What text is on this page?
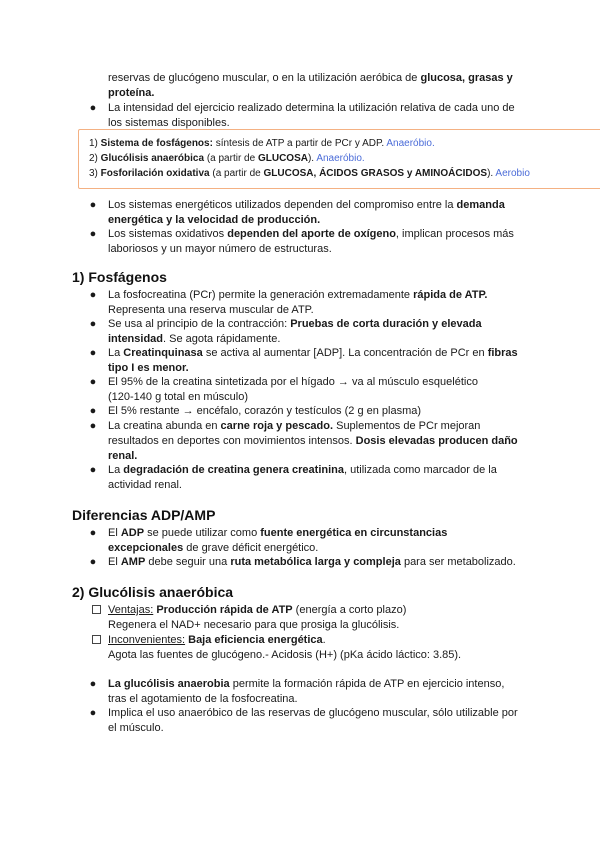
reservas de glucógeno muscular, o en la utilización aeróbica de glucosa, grasas y

proteína.

● La intensidad del ejercicio realizado determina la utilización relativa de cada uno de

los sistemas disponibles.

1) Sistema de fosfágenos: síntesis de ATP a partir de PCr y ADP. Anaeróbio.

2) Glucólisis anaeróbica (a partir de GLUCOSA). Anaeróbio.

3) Fosforilación oxidativa (a partir de GLUCOSA, ÁCIDOS GRASOS y AMINOÁCIDOS). Aerobio

● Los sistemas energéticos utilizados dependen del compromiso entre la demanda

energética y la velocidad de producción.

● Los sistemas oxidativos dependen del aporte de oxígeno, implican procesos más

laboriosos y un mayor número de estructuras.

1) Fosfágenos
● La fosfocreatina (PCr) permite la generación extremadamente rápida de ATP.

Representa una reserva muscular de ATP.

● Se usa al principio de la contracción: Pruebas de corta duración y elevada

intensidad. Se agota rápidamente.

● La Creatinquinasa se activa al aumentar [ADP]. La concentración de PCr en fibras

tipo I es menor.

● El 95% de la creatina sintetizada por el hígado → va al músculo esquelético

(120-140 g total en músculo)

● El 5% restante → encéfalo, corazón y testículos (2 g en plasma)

● La creatina abunda en carne roja y pescado. Suplementos de PCr mejoran

resultados en deportes con movimientos intensos. Dosis elevadas producen daño

renal.

● La degradación de creatina genera creatinina, utilizada como marcador de la

actividad renal.

Diferencias ADP/AMP
● El ADP se puede utilizar como fuente energética en circunstancias

excepcionales de grave déficit energético.

● El AMP debe seguir una ruta metabólica larga y compleja para ser metabolizado.

2) Glucólisis anaeróbica

Ventajas: Producción rápida de ATP (energía a corto plazo)

Regenera el NAD+ necesario para que prosiga la glucólisis.

Inconvenientes: Baja eficiencia energética.

Agota las fuentes de glucógeno.- Acidosis (H+) (pKa ácido láctico: 3.85).

● La glucólisis anaerobia permite la formación rápida de ATP en ejercicio intenso,

tras el agotamiento de la fosfocreatina.

● Implica el uso anaeróbico de las reservas de glucógeno muscular, sólo utilizable por

el músculo.
